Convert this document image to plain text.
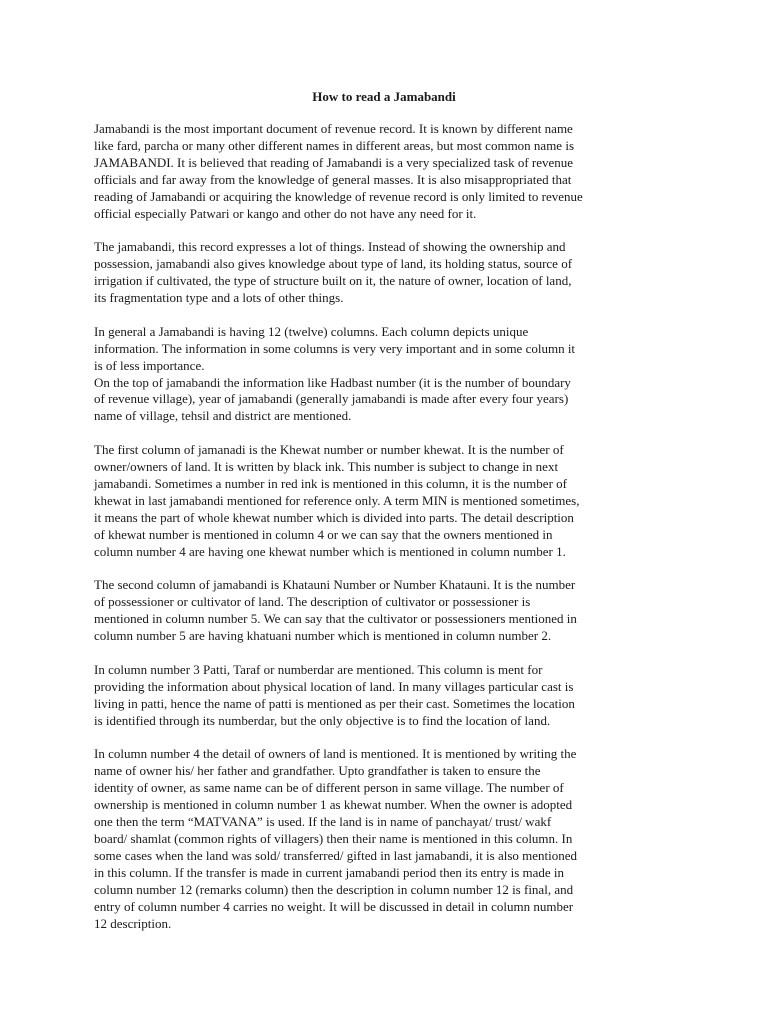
How to read a Jamabandi

Jamabandi is the most important document of revenue record. It is known by different name
like fard, parcha or many other different names in different areas, but most common name is
JAMABANDI. It is believed that reading of Jamabandi is a very specialized task of revenue
officials and far away from the knowledge of general masses. It is also misappropriated that
reading of Jamabandi or acquiring the knowledge of revenue record is only limited to revenue
official especially Patwari or kango and other do not have any need for it.

The jamabandi, this record expresses a lot of things. Instead of showing the ownership and
possession, jamabandi also gives knowledge about type of land, its holding status, source of
irrigation if cultivated, the type of structure built on it, the nature of owner, location of land,
its fragmentation type and a lots of other things.

In general a Jamabandi is having 12 (twelve) columns. Each column depicts unique
information. The information in some columns is very very important and in some column it
is of less importance.

On the top of jamabandi the information like Hadbast number (it is the number of boundary
of revenue village), year of jamabandi (generally jamabandi is made after every four years)
name of village, tehsil and district are mentioned.

The first column of jamanadi is the Khewat number or number khewat. It is the number of
owner/owners of land. It is written by black ink. This number is subject to change in next
jamabandi. Sometimes a number in red ink is mentioned in this column, it is the number of
khewat in last jamabandi mentioned for reference only. A term MIN is mentioned sometimes,
it means the part of whole khewat number which is divided into parts. The detail description
of khewat number is mentioned in column 4 or we can say that the owners mentioned in
column number 4 are having one khewat number which is mentioned in column number 1.

The second column of jamabandi is Khatauni Number or Number Khatauni. It is the number
of possessioner or cultivator of land. The description of cultivator or possessioner is
mentioned in column number 5. We can say that the cultivator or possessioners mentioned in
column number 5 are having khatuani number which is mentioned in column number 2.

In column number 3 Patti, Taraf or numberdar are mentioned. This column is ment for
providing the information about physical location of land. In many villages particular cast is
living in patti, hence the name of patti is mentioned as per their cast. Sometimes the location
is identified through its numberdar, but the only objective is to find the location of land.

In column number 4 the detail of owners of land is mentioned. It is mentioned by writing the
name of owner his/ her father and grandfather. Upto grandfather is taken to ensure the
identity of owner, as same name can be of different person in same village. The number of
ownership is mentioned in column number 1 as khewat number. When the owner is adopted
one then the term “MATVANA” is used. If the land is in name of panchayat/ trust/ wakf
board/ shamlat (common rights of villagers) then their name is mentioned in this column. In
some cases when the land was sold/ transferred/ gifted in last jamabandi, it is also mentioned
in this column. If the transfer is made in current jamabandi period then its entry is made in
column number 12 (remarks column) then the description in column number 12 is final, and
entry of column number 4 carries no weight. It will be discussed in detail in column number
12 description.
